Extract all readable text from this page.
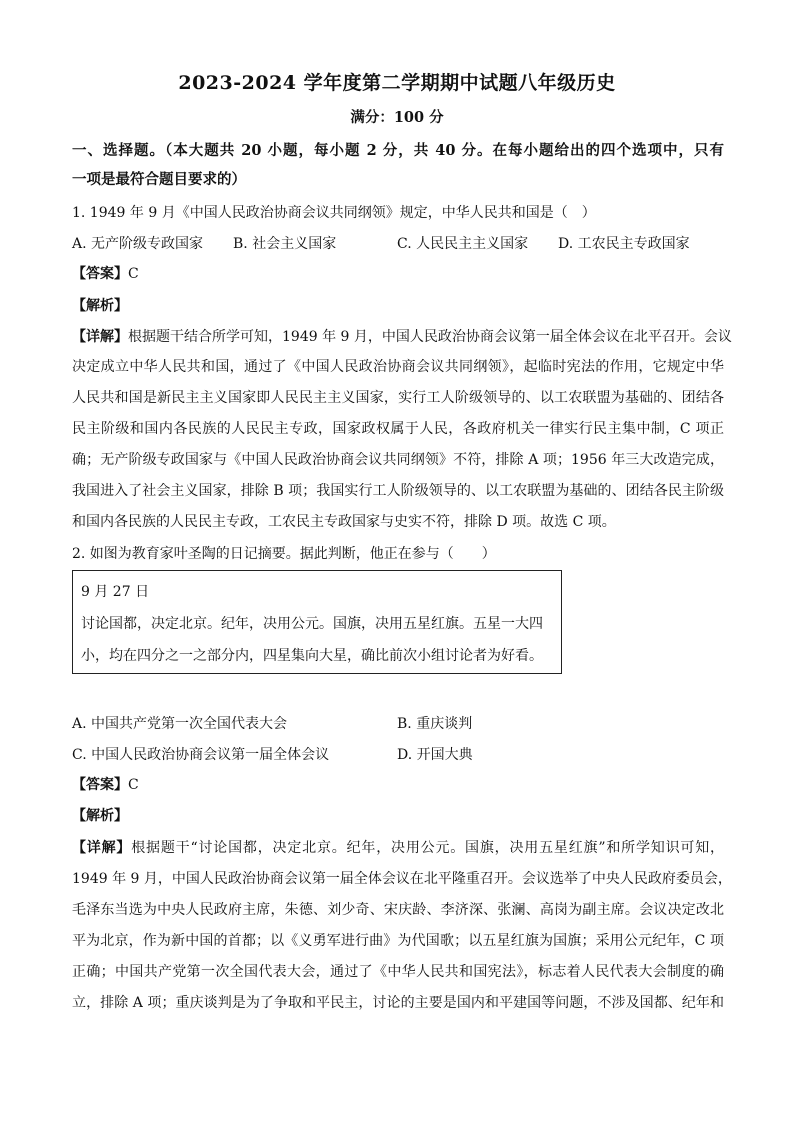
2023-2024 学年度第二学期期中试题八年级历史
满分：100 分
一、选择题。（本大题共 20 小题，每小题 2 分，共 40 分。在每小题给出的四个选项中，只有
一项是最符合题目要求的）
1. 1949 年 9 月《中国人民政治协商会议共同纲领》规定，中华人民共和国是（　）
A. 无产阶级专政国家 B. 社会主义国家	C. 人民民主主义国家 D. 工农民主专政国家
【答案】C
【解析】
【详解】根据题干结合所学可知，1949 年 9 月，中国人民政治协商会议第一届全体会议在北平召开。会议
决定成立中华人民共和国，通过了《中国人民政治协商会议共同纲领》，起临时宪法的作用，它规定中华
人民共和国是新民主主义国家即人民民主主义国家，实行工人阶级领导的、以工农联盟为基础的、团结各
民主阶级和国内各民族的人民民主专政，国家政权属于人民，各政府机关一律实行民主集中制，C 项正
确；无产阶级专政国家与《中国人民政治协商会议共同纲领》不符，排除 A 项；1956 年三大改造完成，
我国进入了社会主义国家，排除 B 项；我国实行工人阶级领导的、以工农联盟为基础的、团结各民主阶级
和国内各民族的人民民主专政，工农民主专政国家与史实不符，排除 D 项。故选 C 项。
2. 如图为教育家叶圣陶的日记摘要。据此判断，他正在参与（　　）
9 月 27 日
讨论国都，决定北京。纪年，决用公元。国旗，决用五星红旗。五星一大四
小，均在四分之一之部分内，四星集向大星，确比前次小组讨论者为好看。
A. 中国共产党第一次全国代表大会	B. 重庆谈判
C. 中国人民政治协商会议第一届全体会议	D. 开国大典
【答案】C
【解析】
【详解】根据题干“讨论国都，决定北京。纪年，决用公元。国旗，决用五星红旗”和所学知识可知，
1949 年 9 月，中国人民政治协商会议第一届全体会议在北平隆重召开。会议选举了中央人民政府委员会，
毛泽东当选为中央人民政府主席，朱德、刘少奇、宋庆龄、李济深、张澜、高岗为副主席。会议决定改北
平为北京，作为新中国的首都；以《义勇军进行曲》为代国歌；以五星红旗为国旗；采用公元纪年，C 项
正确；中国共产党第一次全国代表大会，通过了《中华人民共和国宪法》，标志着人民代表大会制度的确
立，排除 A 项；重庆谈判是为了争取和平民主，讨论的主要是国内和平建国等问题，不涉及国都、纪年和
